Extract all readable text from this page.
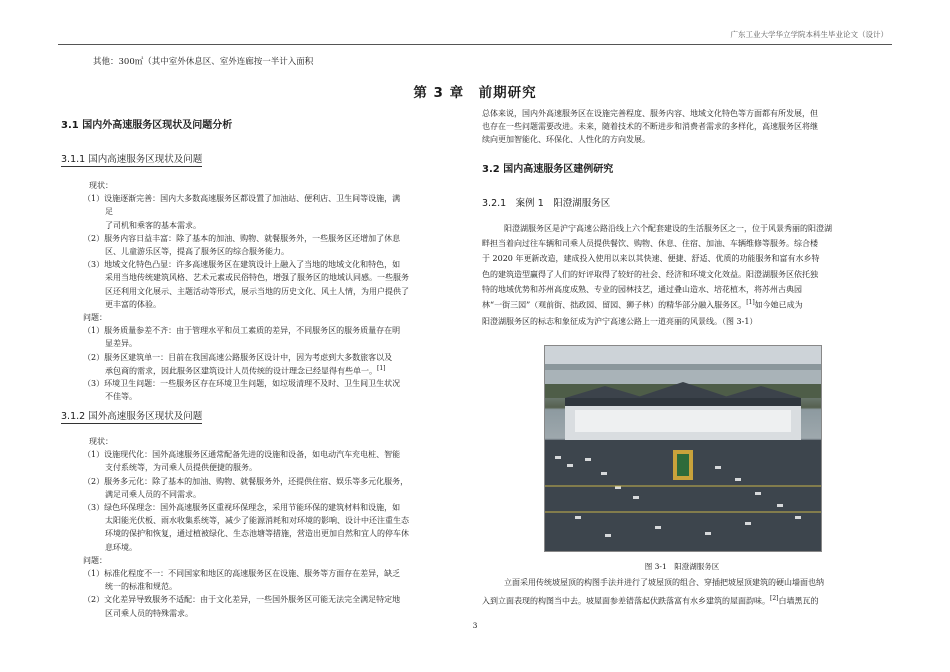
广东工业大学华立学院本科生毕业论文（设计）
其他：300㎡（其中室外休息区、室外连廊按一半计入面积
第 3 章　前期研究
3.1 国内外高速服务区现状及问题分析
3.1.1 国内高速服务区现状及问题
现状：
（1）设施逐渐完善：国内大多数高速服务区都设置了加油站、便利店、卫生间等设施，满
足
了司机和乘客的基本需求。
（2）服务内容日益丰富：除了基本的加油、购物、就餐服务外，一些服务区还增加了休息
区、儿童游乐区等，提高了服务区的综合服务能力。
（3）地域文化特色凸显：许多高速服务区在建筑设计上融入了当地的地域文化和特色，如
采用当地传统建筑风格、艺术元素或民俗特色，增强了服务区的地域认同感。一些服务
区还利用文化展示、主题活动等形式，展示当地的历史文化、风土人情，为用户提供了
更丰富的体验。
问题：
（1）服务质量参差不齐：由于管理水平和员工素质的差异，不同服务区的服务质量存在明
显差异。
（2）服务区建筑单一：目前在我国高速公路服务区设计中，因为考虑到大多数旅客以及
承包商的需求，因此服务区建筑设计人员传统的设计理念已经显得有些单一。[1]
（3）环境卫生问题：一些服务区存在环境卫生问题，如垃圾清理不及时、卫生间卫生状况
不佳等。
3.1.2 国外高速服务区现状及问题
现状：
（1）设施现代化：国外高速服务区通常配备先进的设施和设备，如电动汽车充电桩、智能
支付系统等，为司乘人员提供便捷的服务。
（2）服务多元化：除了基本的加油、购物、就餐服务外，还提供住宿、娱乐等多元化服务，
满足司乘人员的不同需求。
（3）绿色环保理念：国外高速服务区重视环保理念，采用节能环保的建筑材料和设施，如
太阳能光伏板、雨水收集系统等，减少了能源消耗和对环境的影响、设计中还注重生态
环境的保护和恢复，通过植被绿化、生态池塘等措施，营造出更加自然和宜人的停车休
息环境。
问题：
（1）标准化程度不一：不同国家和地区的高速服务区在设施、服务等方面存在差异，缺乏
统一的标准和规范。
（2）文化差异导致服务不适配：由于文化差异，一些国外服务区可能无法完全满足特定地
区司乘人员的特殊需求。
总体来说，国内外高速服务区在设施完善程度、服务内容、地域文化特色等方面都有所发展，但
也存在一些问题需要改进。未来，随着技术的不断进步和消费者需求的多样化，高速服务区将继
续向更加智能化、环保化、人性化的方向发展。
3.2 国内高速服务区建例研究
3.2.1　案例 1　阳澄湖服务区
阳澄湖服务区是沪宁高速公路沿线上六个配套建设的生活服务区之一，位于风景秀丽的阳澄湖
畔担当着向过往车辆和司乘人员提供餐饮、购物、休息、住宿、加油、车辆维修等服务。综合楼
于 2020 年更新改造，建成投入使用以来以其快速、便捷、舒适、优质的功能服务和富有水乡特
色的建筑造型赢得了人们的好评取得了较好的社会、经济和环境文化效益。阳澄湖服务区依托独
特的地域优势和苏州高度成熟、专业的园林技艺，通过叠山造水、培花植木，将苏州古典园
林“一街三园”（观前街、拙政园、留园、狮子林）的精华部分融入服务区。[1]如今她已成为
阳澄湖服务区的标志和象征成为沪宁高速公路上一道亮丽的风景线。（图 3-1）
图 3-1　阳澄湖服务区
立面采用传统坡屋顶的构图手法并进行了坡屋顶的组合、穿插把坡屋顶建筑的硬山墙面也纳
入到立面表现的构图当中去。坡屋面参差错落起伏跌落富有水乡建筑的屋面韵味。[2]白墙黑瓦的
3
